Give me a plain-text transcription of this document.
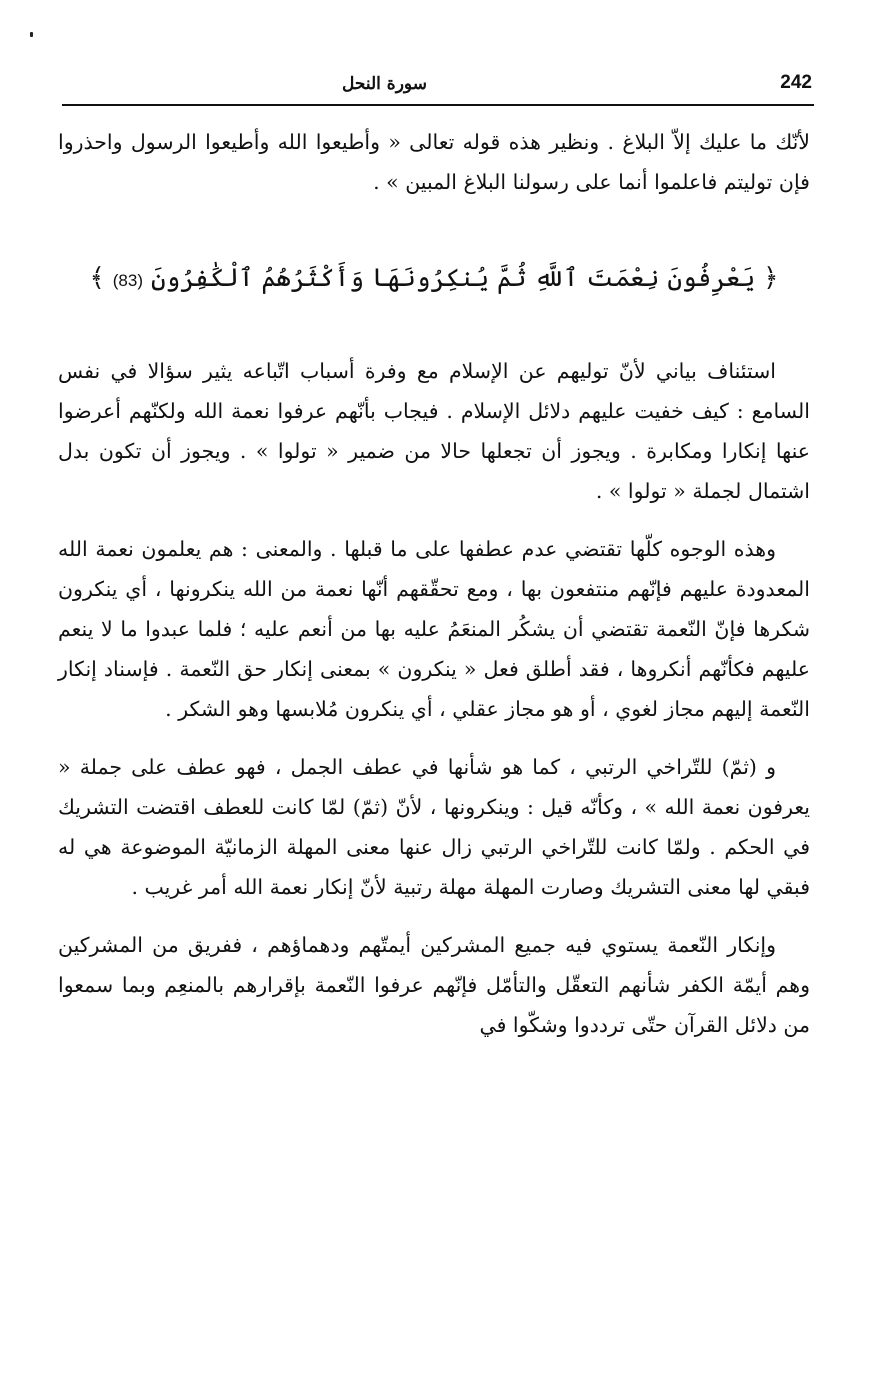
242
سورة النحل

لأنّك ما عليك إلاّ البلاغ . ونظير هذه قوله تعالى « وأطيعوا الله وأطيعوا الرسول واحذروا فإن توليتم فاعلموا أنما على رسولنا البلاغ المبين » .

﴿ يَعْرِفُونَ نِعْمَتَ ٱللَّهِ ثُمَّ يُنكِرُونَهَا وَأَكْثَرُهُمُ ٱلْكَٰفِرُونَ (83) ﴾

استئناف بياني لأنّ توليهم عن الإسلام مع وفرة أسباب اتّباعه يثير سؤالا في نفس السامع : كيف خفيت عليهم دلائل الإسلام . فيجاب بأنّهم عرفوا نعمة الله ولكنّهم أعرضوا عنها إنكارا ومكابرة . ويجوز أن تجعلها حالا من ضمير « تولوا » . ويجوز أن تكون بدل اشتمال لجملة « تولوا » .

وهذه الوجوه كلّها تقتضي عدم عطفها على ما قبلها . والمعنى : هم يعلمون نعمة الله المعدودة عليهم فإنّهم منتفعون بها ، ومع تحقّقهم أنّها نعمة من الله ينكرونها ، أي ينكرون شكرها فإنّ النّعمة تقتضي أن يشكُر المنعَمُ عليه بها من أنعم عليه ؛ فلما عبدوا ما لا ينعم عليهم فكأنّهم أنكروها ، فقد أطلق فعل « ينكرون » بمعنى إنكار حق النّعمة . فإسناد إنكار النّعمة إليهم مجاز لغوي ، أو هو مجاز عقلي ، أي ينكرون مُلابسها وهو الشكر .

و (ثمّ) للتّراخي الرتبي ، كما هو شأنها في عطف الجمل ، فهو عطف على جملة « يعرفون نعمة الله » ، وكأنّه قيل : وينكرونها ، لأنّ (ثمّ) لمّا كانت للعطف اقتضت التشريك في الحكم . ولمّا كانت للتّراخي الرتبي زال عنها معنى المهلة الزمانيّة الموضوعة هي له فبقي لها معنى التشريك وصارت المهلة مهلة رتبية لأنّ إنكار نعمة الله أمر غريب .

وإنكار النّعمة يستوي فيه جميع المشركين أيمتّهم ودهماؤهم ، ففريق من المشركين وهم أيمّة الكفر شأنهم التعقّل والتأمّل فإنّهم عرفوا النّعمة بإقرارهم بالمنعِم وبما سمعوا من دلائل القرآن حتّى ترددوا وشكّوا في
